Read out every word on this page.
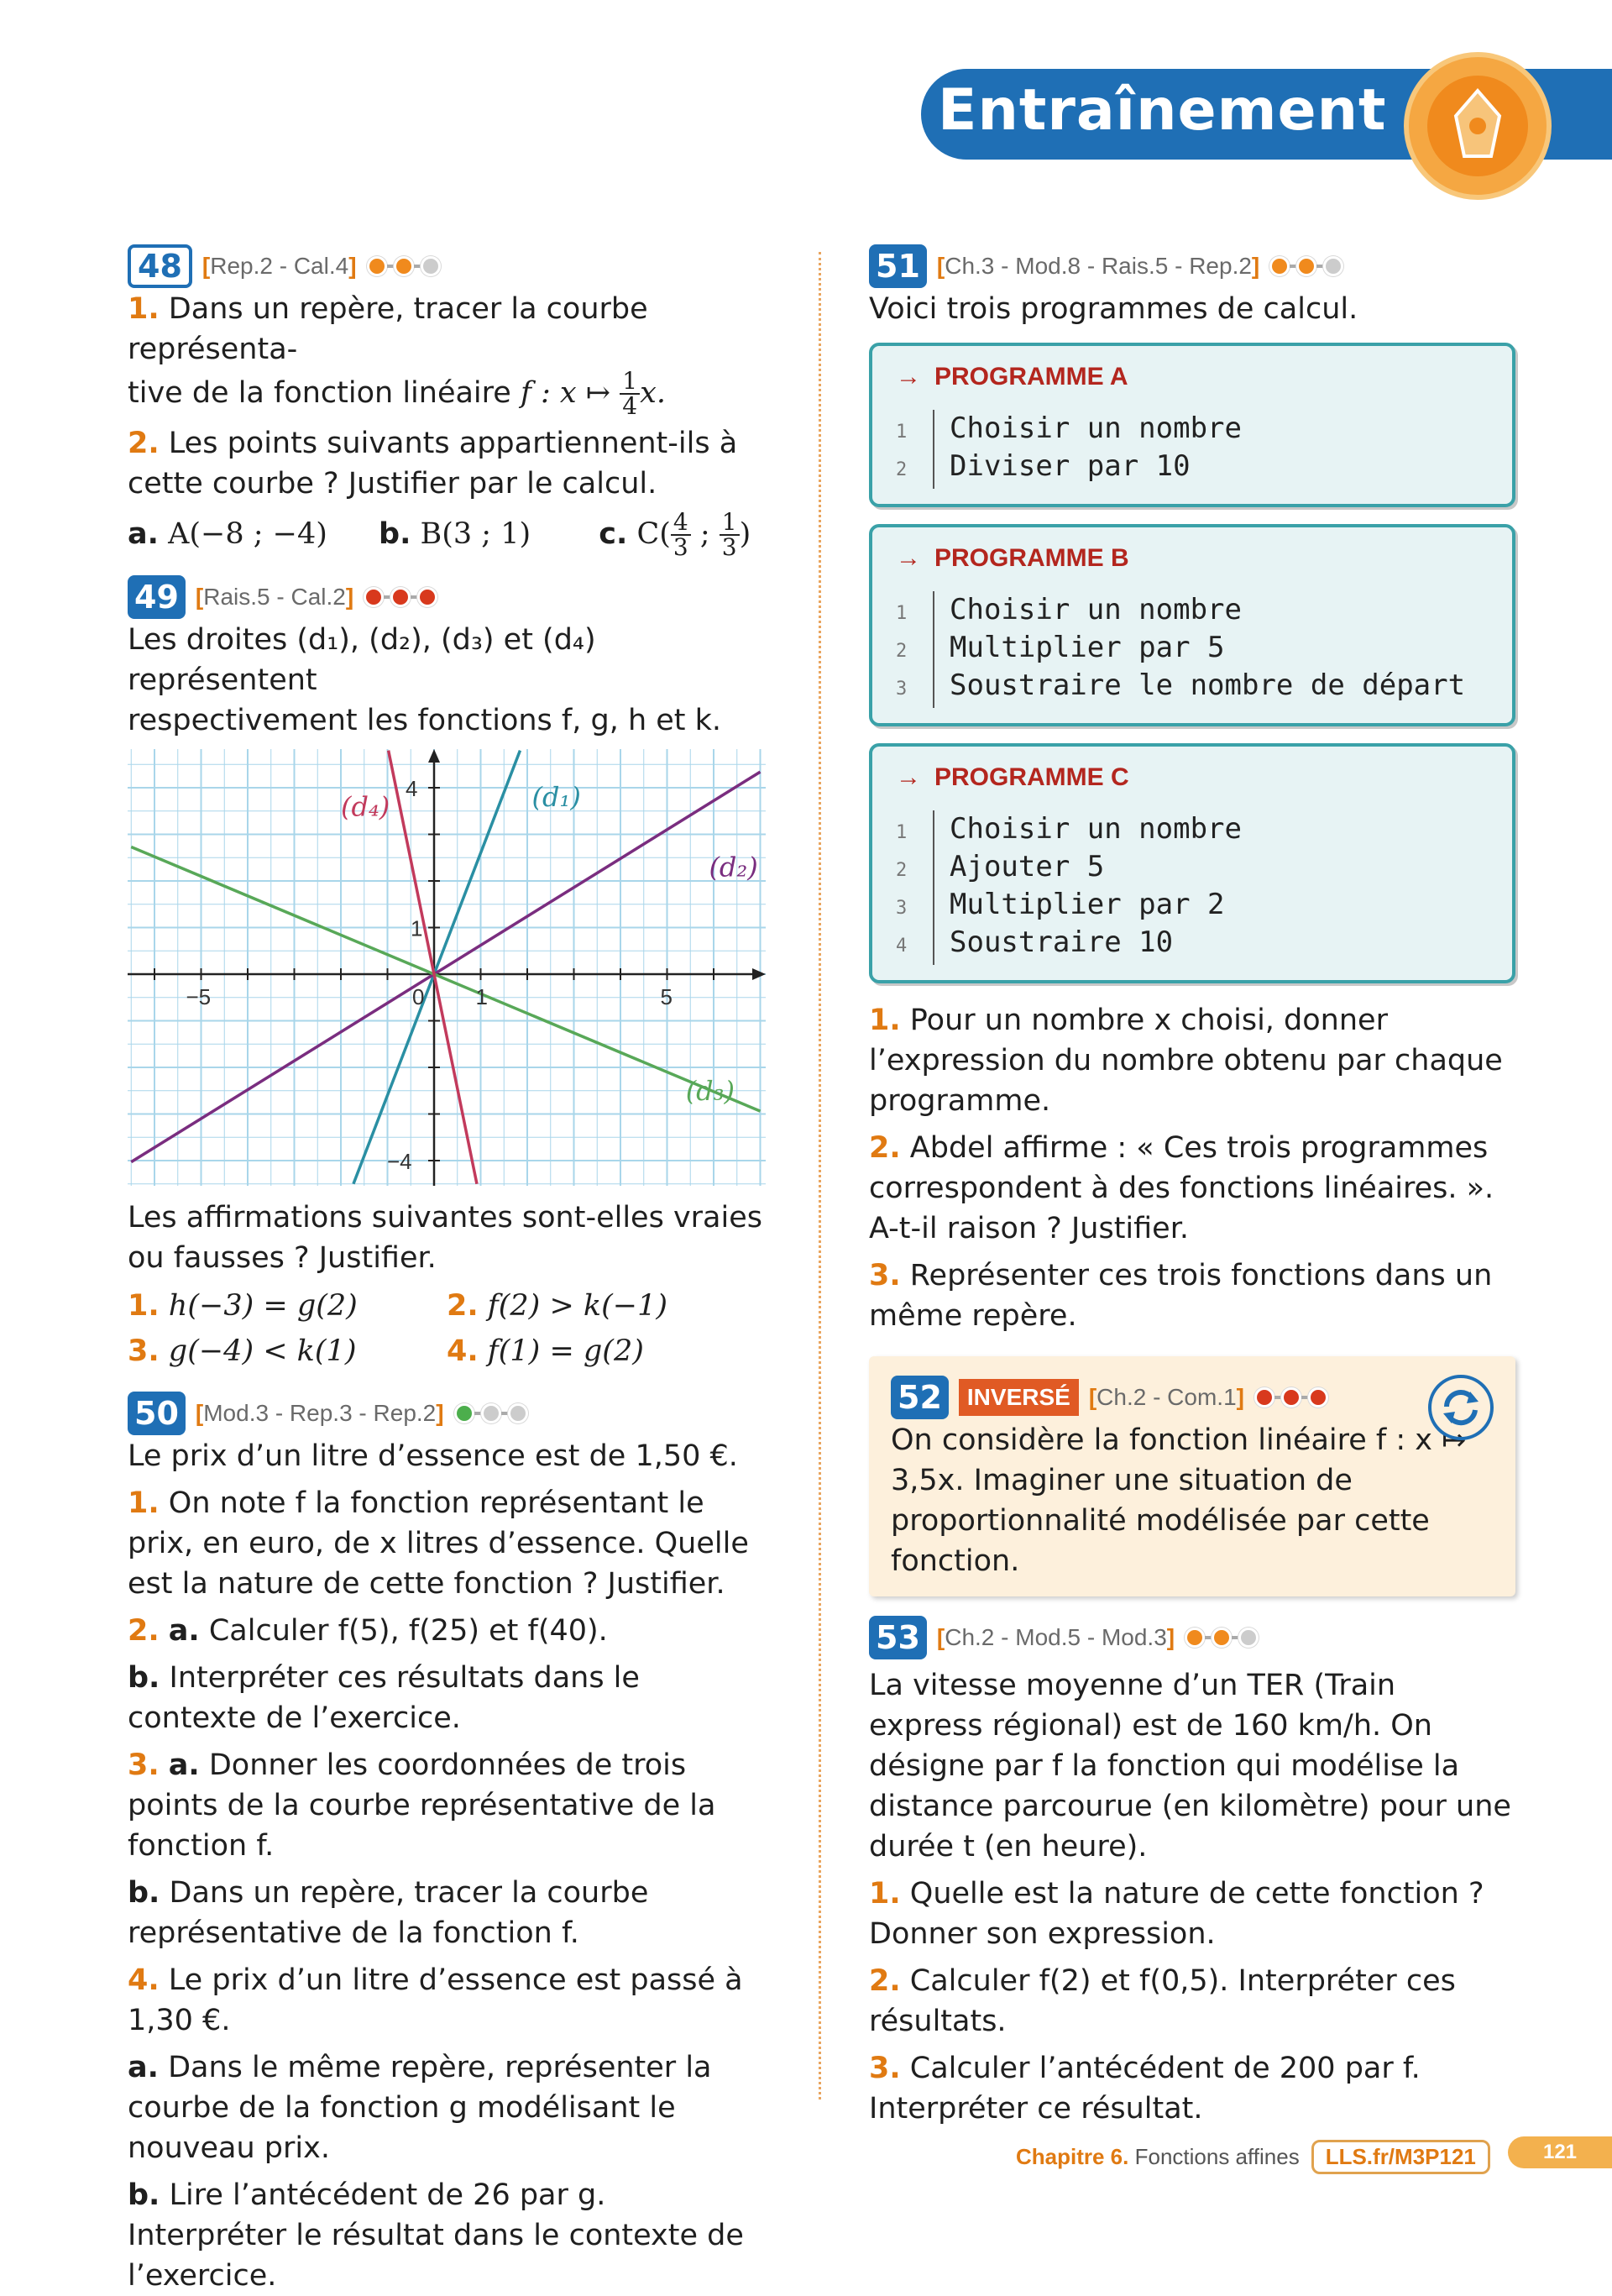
Entraînement
48 [Rep.2 - Cal.4]

1. Dans un repère, tracer la courbe représenta-
tive de la fonction linéaire f : x ↦ $\frac{1}{4} x$.

2. Les points suivants appartiennent-ils à cette courbe ? Justifier par le calcul.

a. A(−8 ; −4) b. B(3 ; 1) c. $C( \frac{4}{3}$ ; $\frac{1}{3}$ )

49 [Rais.5 - Cal.2]

Les droites (d₁), (d₂), (d₃) et (d₄) représentent
respectivement les fonctions f, g, h et k.

(d₁)
(d₂)
(d₃)
(d₄)
−5	0 1	5
4
1
−4

Les affirmations suivantes sont-elles vraies ou fausses ? Justifier.

1. h(−3) = g(2)	2. f(2) > k(−1)
3. g(−4) < k(1)	4. f(1) = g(2)
50 [Mod.3 - Rep.3 - Rep.2]

Le prix d’un litre d’essence est de 1,50 €.

1. On note f la fonction représentant le prix, en euro, de x litres d’essence. Quelle est la nature de cette fonction ? Justifier.

2. a. Calculer f(5), f(25) et f(40).

b. Interpréter ces résultats dans le contexte de l’exercice.

3. a. Donner les coordonnées de trois points de la courbe représentative de la fonction f.

b. Dans un repère, tracer la courbe représentative de la fonction f.

4. Le prix d’un litre d’essence est passé à 1,30 €.

a. Dans le même repère, représenter la courbe de la fonction g modélisant le nouveau prix.

b. Lire l’antécédent de 26 par g. Interpréter le résultat dans le contexte de l’exercice.

51 [Ch.3 - Mod.8 - Rais.5 - Rep.2]

Voici trois programmes de calcul.

→ PROGRAMME A
1
2
Choisir un nombre
Diviser par 10
→ PROGRAMME B
1
2
3
Choisir un nombre
Multiplier par 5
Soustraire le nombre de départ
→ PROGRAMME C
1
2
3
4
Choisir un nombre
Ajouter 5
Multiplier par 2
Soustraire 10

1. Pour un nombre x choisi, donner l’expression du nombre obtenu par chaque programme.

2. Abdel affirme : « Ces trois programmes correspondent à des fonctions linéaires. ». A-t-il raison ? Justifier.

3. Représenter ces trois fonctions dans un même repère.

52	INVERSÉ [Ch.2 - Com.1]

On considère la fonction linéaire f : x ↦ 3,5x. Imaginer une situation de proportionnalité modélisée par cette fonction.

53 [Ch.2 - Mod.5 - Mod.3]

La vitesse moyenne d’un TER (Train express régional) est de 160 km/h. On désigne par f la fonction qui modélise la distance parcourue (en kilomètre) pour une durée t (en heure).

1. Quelle est la nature de cette fonction ? Donner son expression.

2. Calculer f(2) et f(0,5). Interpréter ces résultats.

3. Calculer l’antécédent de 200 par f. Interpréter ce résultat.

Chapitre 6. Fonctions affines	LLS.fr/M3P121	121
